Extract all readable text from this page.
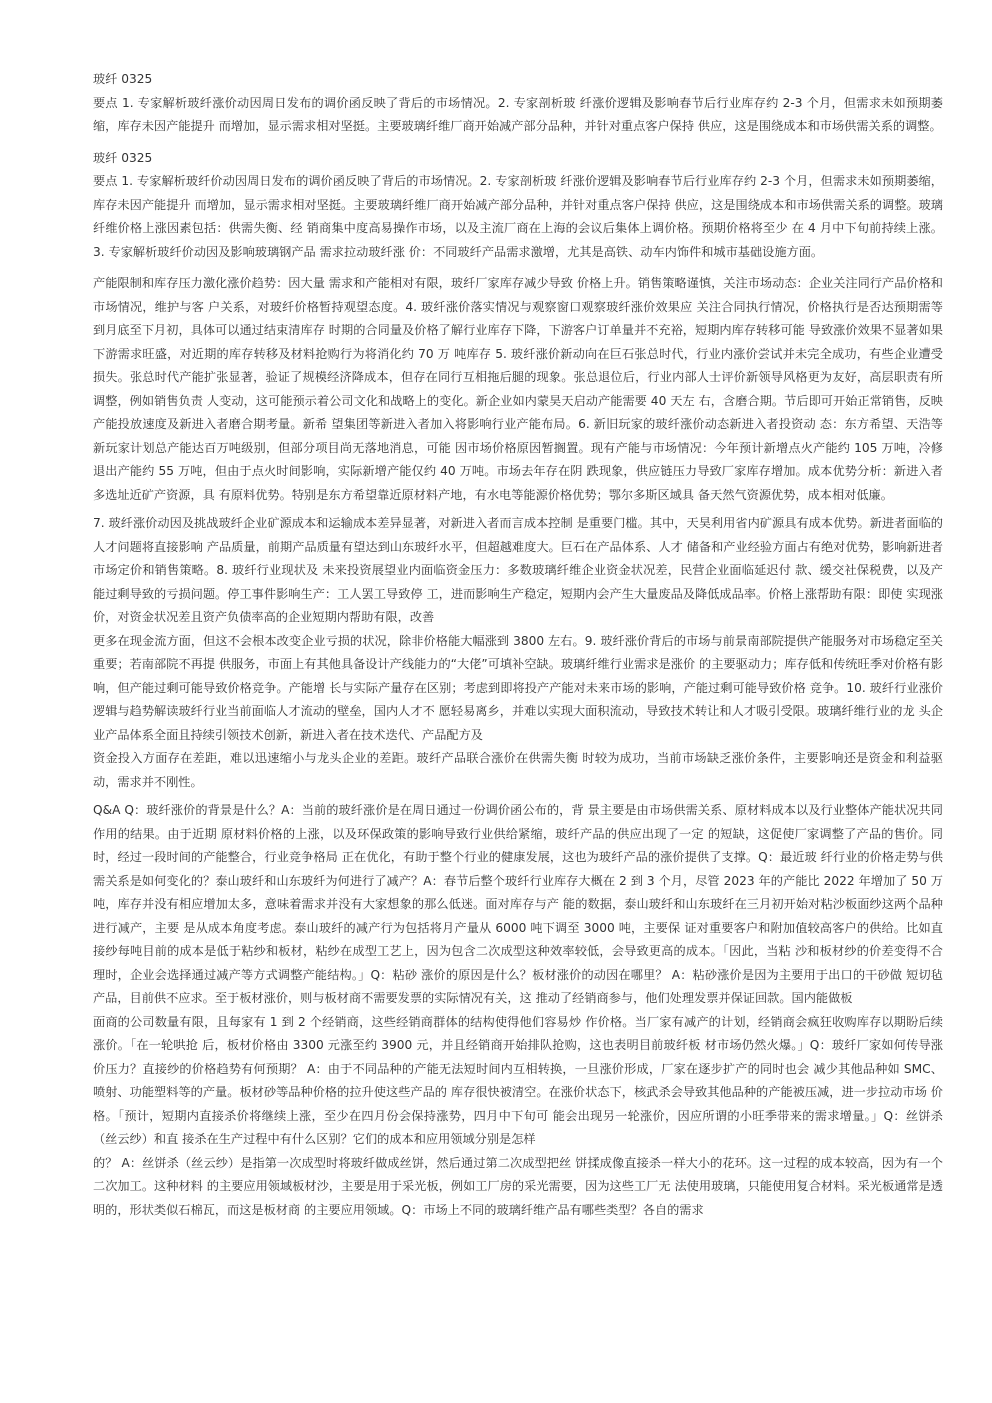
玻纤 0325

要点 1. 专家解析玻纤涨价动因周日发布的调价函反映了背后的市场情况。2. 专家剖析玻 纤涨价逻辑及影响春节后行业库存约 2-3 个月，但需求未如预期萎缩，库存未因产能提升 而增加，显示需求相对坚挺。主要玻璃纤维厂商开始减产部分品种，并针对重点客户保持 供应，这是围绕成本和市场供需关系的调整。

玻纤 0325

要点 1. 专家解析玻纤价动因周日发布的调价函反映了背后的市场情况。2. 专家剖析玻 纤涨价逻辑及影响春节后行业库存约 2-3 个月，但需求未如预期萎缩，库存未因产能提升 而增加，显示需求相对坚挺。主要玻璃纤维厂商开始减产部分品种，并针对重点客户保持 供应，这是围绕成本和市场供需关系的调整。玻璃纤维价格上涨因素包括：供需失衡、经 销商集中度高易操作市场，以及主流厂商在上海的会议后集体上调价格。预期价格将至少 在 4 月中下旬前持续上涨。3. 专家解析玻纤价动因及影响玻璃钢产品 需求拉动玻纤涨 价：不同玻纤产品需求激增，尤其是高铁、动车内饰件和城市基础设施方面。

产能限制和库存压力激化涨价趋势：因大量 需求和产能相对有限，玻纤厂家库存减少导致 价格上升。销售策略谨慎，关注市场动态：企业关注同行产品价格和市场情况，维护与客 户关系，对玻纤价格暂持观望态度。4. 玻纤涨价落实情况与观察窗口观察玻纤涨价效果应 关注合同执行情况，价格执行是否达预期需等到月底至下月初，具体可以通过结束清库存 时期的合同量及价格了解行业库存下降，下游客户订单量并不充裕，短期内库存转移可能 导致涨价效果不显著如果下游需求旺盛，对近期的库存转移及材料抢购行为将消化约 70 万 吨库存 5. 玻纤涨价新动向在巨石张总时代，行业内涨价尝试并未完全成功，有些企业遭受 损失。张总时代产能扩张显著，验证了规模经济降成本，但存在同行互相拖后腿的现象。张总退位后，行业内部人士评价新领导风格更为友好，高层职责有所调整，例如销售负责 人变动，这可能预示着公司文化和战略上的变化。新企业如内蒙昊天启动产能需要 40 天左 右，含磨合期。节后即可开始正常销售，反映产能投放速度及新进入者磨合期考量。新希 望集团等新进入者加入将影响行业产能布局。6. 新旧玩家的玻纤涨价动态新进入者投资动 态：东方希望、天浩等新玩家计划总产能达百万吨级别，但部分项目尚无落地消息，可能 因市场价格原因暂搁置。现有产能与市场情况：今年预计新增点火产能约 105 万吨，冷修 退出产能约 55 万吨，但由于点火时间影响，实际新增产能仅约 40 万吨。市场去年存在阴 跌现象，供应链压力导致厂家库存增加。成本优势分析：新进入者多选址近矿产资源，具 有原料优势。特别是东方希望靠近原材料产地，有水电等能源价格优势；鄂尔多斯区域具 备天然气资源优势，成本相对低廉。

7. 玻纤涨价动因及挑战玻纤企业矿源成本和运输成本差异显著，对新进入者而言成本控制 是重要门槛。其中，天昊利用省内矿源具有成本优势。新进者面临的人才问题将直接影响 产品质量，前期产品质量有望达到山东玻纤水平，但超越难度大。巨石在产品体系、人才 储备和产业经验方面占有绝对优势，影响新进者市场定价和销售策略。8. 玻纤行业现状及 未来投资展望业内面临资金压力：多数玻璃纤维企业资金状况差，民营企业面临延迟付 款、缓交社保税费，以及产能过剩导致的亏损问题。停工事件影响生产：工人罢工导致停 工，进而影响生产稳定，短期内会产生大量废品及降低成品率。价格上涨帮助有限：即使 实现涨价，对资金状况差且资产负债率高的企业短期内帮助有限，改善

更多在现金流方面，但这不会根本改变企业亏损的状况，除非价格能大幅涨到 3800 左右。9. 玻纤涨价背后的市场与前景南部院提供产能服务对市场稳定至关重要；若南部院不再提 供服务，市面上有其他具备设计产线能力的“大佬”可填补空缺。玻璃纤维行业需求是涨价 的主要驱动力；库存低和传统旺季对价格有影响，但产能过剩可能导致价格竞争。产能增 长与实际产量存在区别；考虑到即将投产产能对未来市场的影响，产能过剩可能导致价格 竞争。10. 玻纤行业涨价逻辑与趋势解读玻纤行业当前面临人才流动的壁垒，国内人才不 愿轻易离乡，并难以实现大面积流动，导致技术转让和人才吸引受限。玻璃纤维行业的龙 头企业产品体系全面且持续引领技术创新，新进入者在技术迭代、产品配方及

资金投入方面存在差距，难以迅速缩小与龙头企业的差距。玻纤产品联合涨价在供需失衡 时较为成功，当前市场缺乏涨价条件，主要影响还是资金和利益驱动，需求并不刚性。

Q&A Q：玻纤涨价的背景是什么？A：当前的玻纤涨价是在周日通过一份调价函公布的，背 景主要是由市场供需关系、原材料成本以及行业整体产能状况共同作用的结果。由于近期 原材料价格的上涨，以及环保政策的影响导致行业供给紧缩，玻纤产品的供应出现了一定 的短缺，这促使厂家调整了产品的售价。同时，经过一段时间的产能整合，行业竞争格局 正在优化，有助于整个行业的健康发展，这也为玻纤产品的涨价提供了支撑。Q：最近玻 纤行业的价格走势与供需关系是如何变化的？泰山玻纤和山东玻纤为何进行了减产？A：春节后整个玻纤行业库存大概在 2 到 3 个月，尽管 2023 年的产能比 2022 年增加了 50 万吨，库存并没有相应增加太多，意味着需求并没有大家想象的那么低迷。面对库存与产 能的数据，泰山玻纤和山东玻纤在三月初开始对粘沙板面纱这两个品种进行减产，主要 是从成本角度考虑。泰山玻纤的减产行为包括将月产量从 6000 吨下调至 3000 吨，主要保 证对重要客户和附加值较高客户的供给。比如直接纱每吨目前的成本是低于粘纱和板材，粘纱在成型工艺上，因为包含二次成型这种效率较低，会导致更高的成本。「因此，当粘 沙和板材纱的价差变得不合理时，企业会选择通过减产等方式调整产能结构。」Q：粘砂 涨价的原因是什么？板材涨价的动因在哪里？ A：粘砂涨价是因为主要用于出口的干砂做 短切毡产品，目前供不应求。至于板材涨价，则与板材商不需要发票的实际情况有关，这 推动了经销商参与，他们处理发票并保证回款。国内能做板

面商的公司数量有限，且每家有 1 到 2 个经销商，这些经销商群体的结构使得他们容易炒 作价格。当厂家有减产的计划，经销商会疯狂收购库存以期盼后续涨价。「在一轮哄抢 后，板材价格由 3300 元涨至约 3900 元，并且经销商开始排队抢购，这也表明目前玻纤板 材市场仍然火爆。」Q：玻纤厂家如何传导涨价压力？直接纱的价格趋势有何预期？ A：由于不同品种的产能无法短时间内互相转换，一旦涨价形成，厂家在逐步扩产的同时也会 减少其他品种如 SMC、喷射、功能塑料等的产量。板材砂等品种价格的拉升使这些产品的 库存很快被清空。在涨价状态下，核武杀会导致其他品种的产能被压减，进一步拉动市场 价格。「预计，短期内直接杀价将继续上涨，至少在四月份会保持涨势，四月中下旬可 能会出现另一轮涨价，因应所谓的小旺季带来的需求增量。」Q：丝饼杀（丝云纱）和直 接杀在生产过程中有什么区别？它们的成本和应用领域分别是怎样

的？ A：丝饼杀（丝云纱）是指第一次成型时将玻纤做成丝饼，然后通过第二次成型把丝 饼揉成像直接杀一样大小的花环。这一过程的成本较高，因为有一个二次加工。这种材料 的主要应用领域板材沙，主要是用于采光板，例如工厂房的采光需要，因为这些工厂无 法使用玻璃，只能使用复合材料。采光板通常是透明的，形状类似石棉瓦，而这是板材商 的主要应用领域。Q：市场上不同的玻璃纤维产品有哪些类型？各自的需求
